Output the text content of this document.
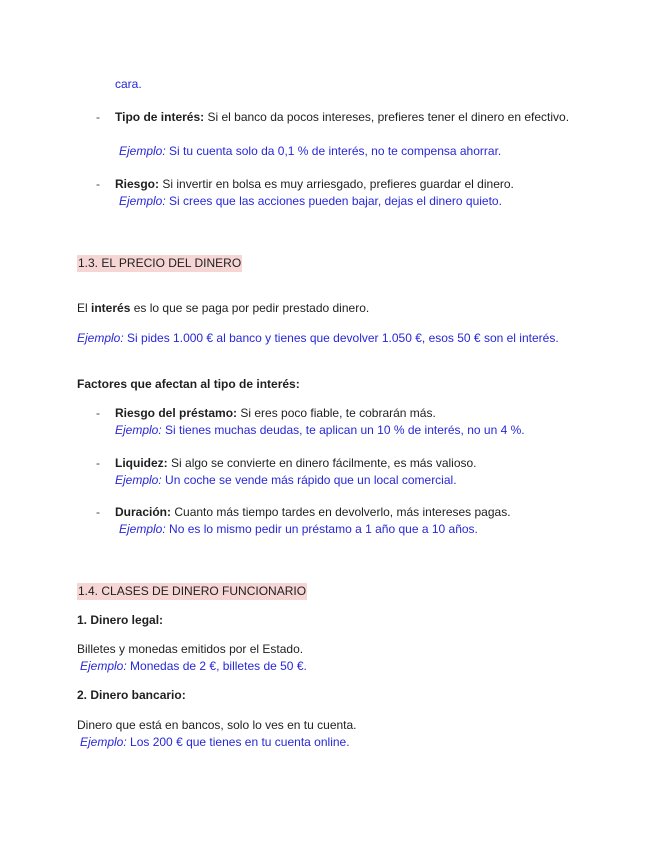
cara.
- Tipo de interés: Si el banco da pocos intereses, prefieres tener el dinero en efectivo.
Ejemplo: Si tu cuenta solo da 0,1 % de interés, no te compensa ahorrar.
- Riesgo: Si invertir en bolsa es muy arriesgado, prefieres guardar el dinero.
Ejemplo: Si crees que las acciones pueden bajar, dejas el dinero quieto.
1.3. EL PRECIO DEL DINERO
El interés es lo que se paga por pedir prestado dinero.
Ejemplo: Si pides 1.000 € al banco y tienes que devolver 1.050 €, esos 50 € son el interés.
Factores que afectan al tipo de interés:
- Riesgo del préstamo: Si eres poco fiable, te cobrarán más.
Ejemplo: Si tienes muchas deudas, te aplican un 10 % de interés, no un 4 %.
- Liquidez: Si algo se convierte en dinero fácilmente, es más valioso.
Ejemplo: Un coche se vende más rápido que un local comercial.
- Duración: Cuanto más tiempo tardes en devolverlo, más intereses pagas.
Ejemplo: No es lo mismo pedir un préstamo a 1 año que a 10 años.
1.4. CLASES DE DINERO FUNCIONARIO
1. Dinero legal:
Billetes y monedas emitidos por el Estado.
Ejemplo: Monedas de 2 €, billetes de 50 €.
2. Dinero bancario:
Dinero que está en bancos, solo lo ves en tu cuenta.
Ejemplo: Los 200 € que tienes en tu cuenta online.
